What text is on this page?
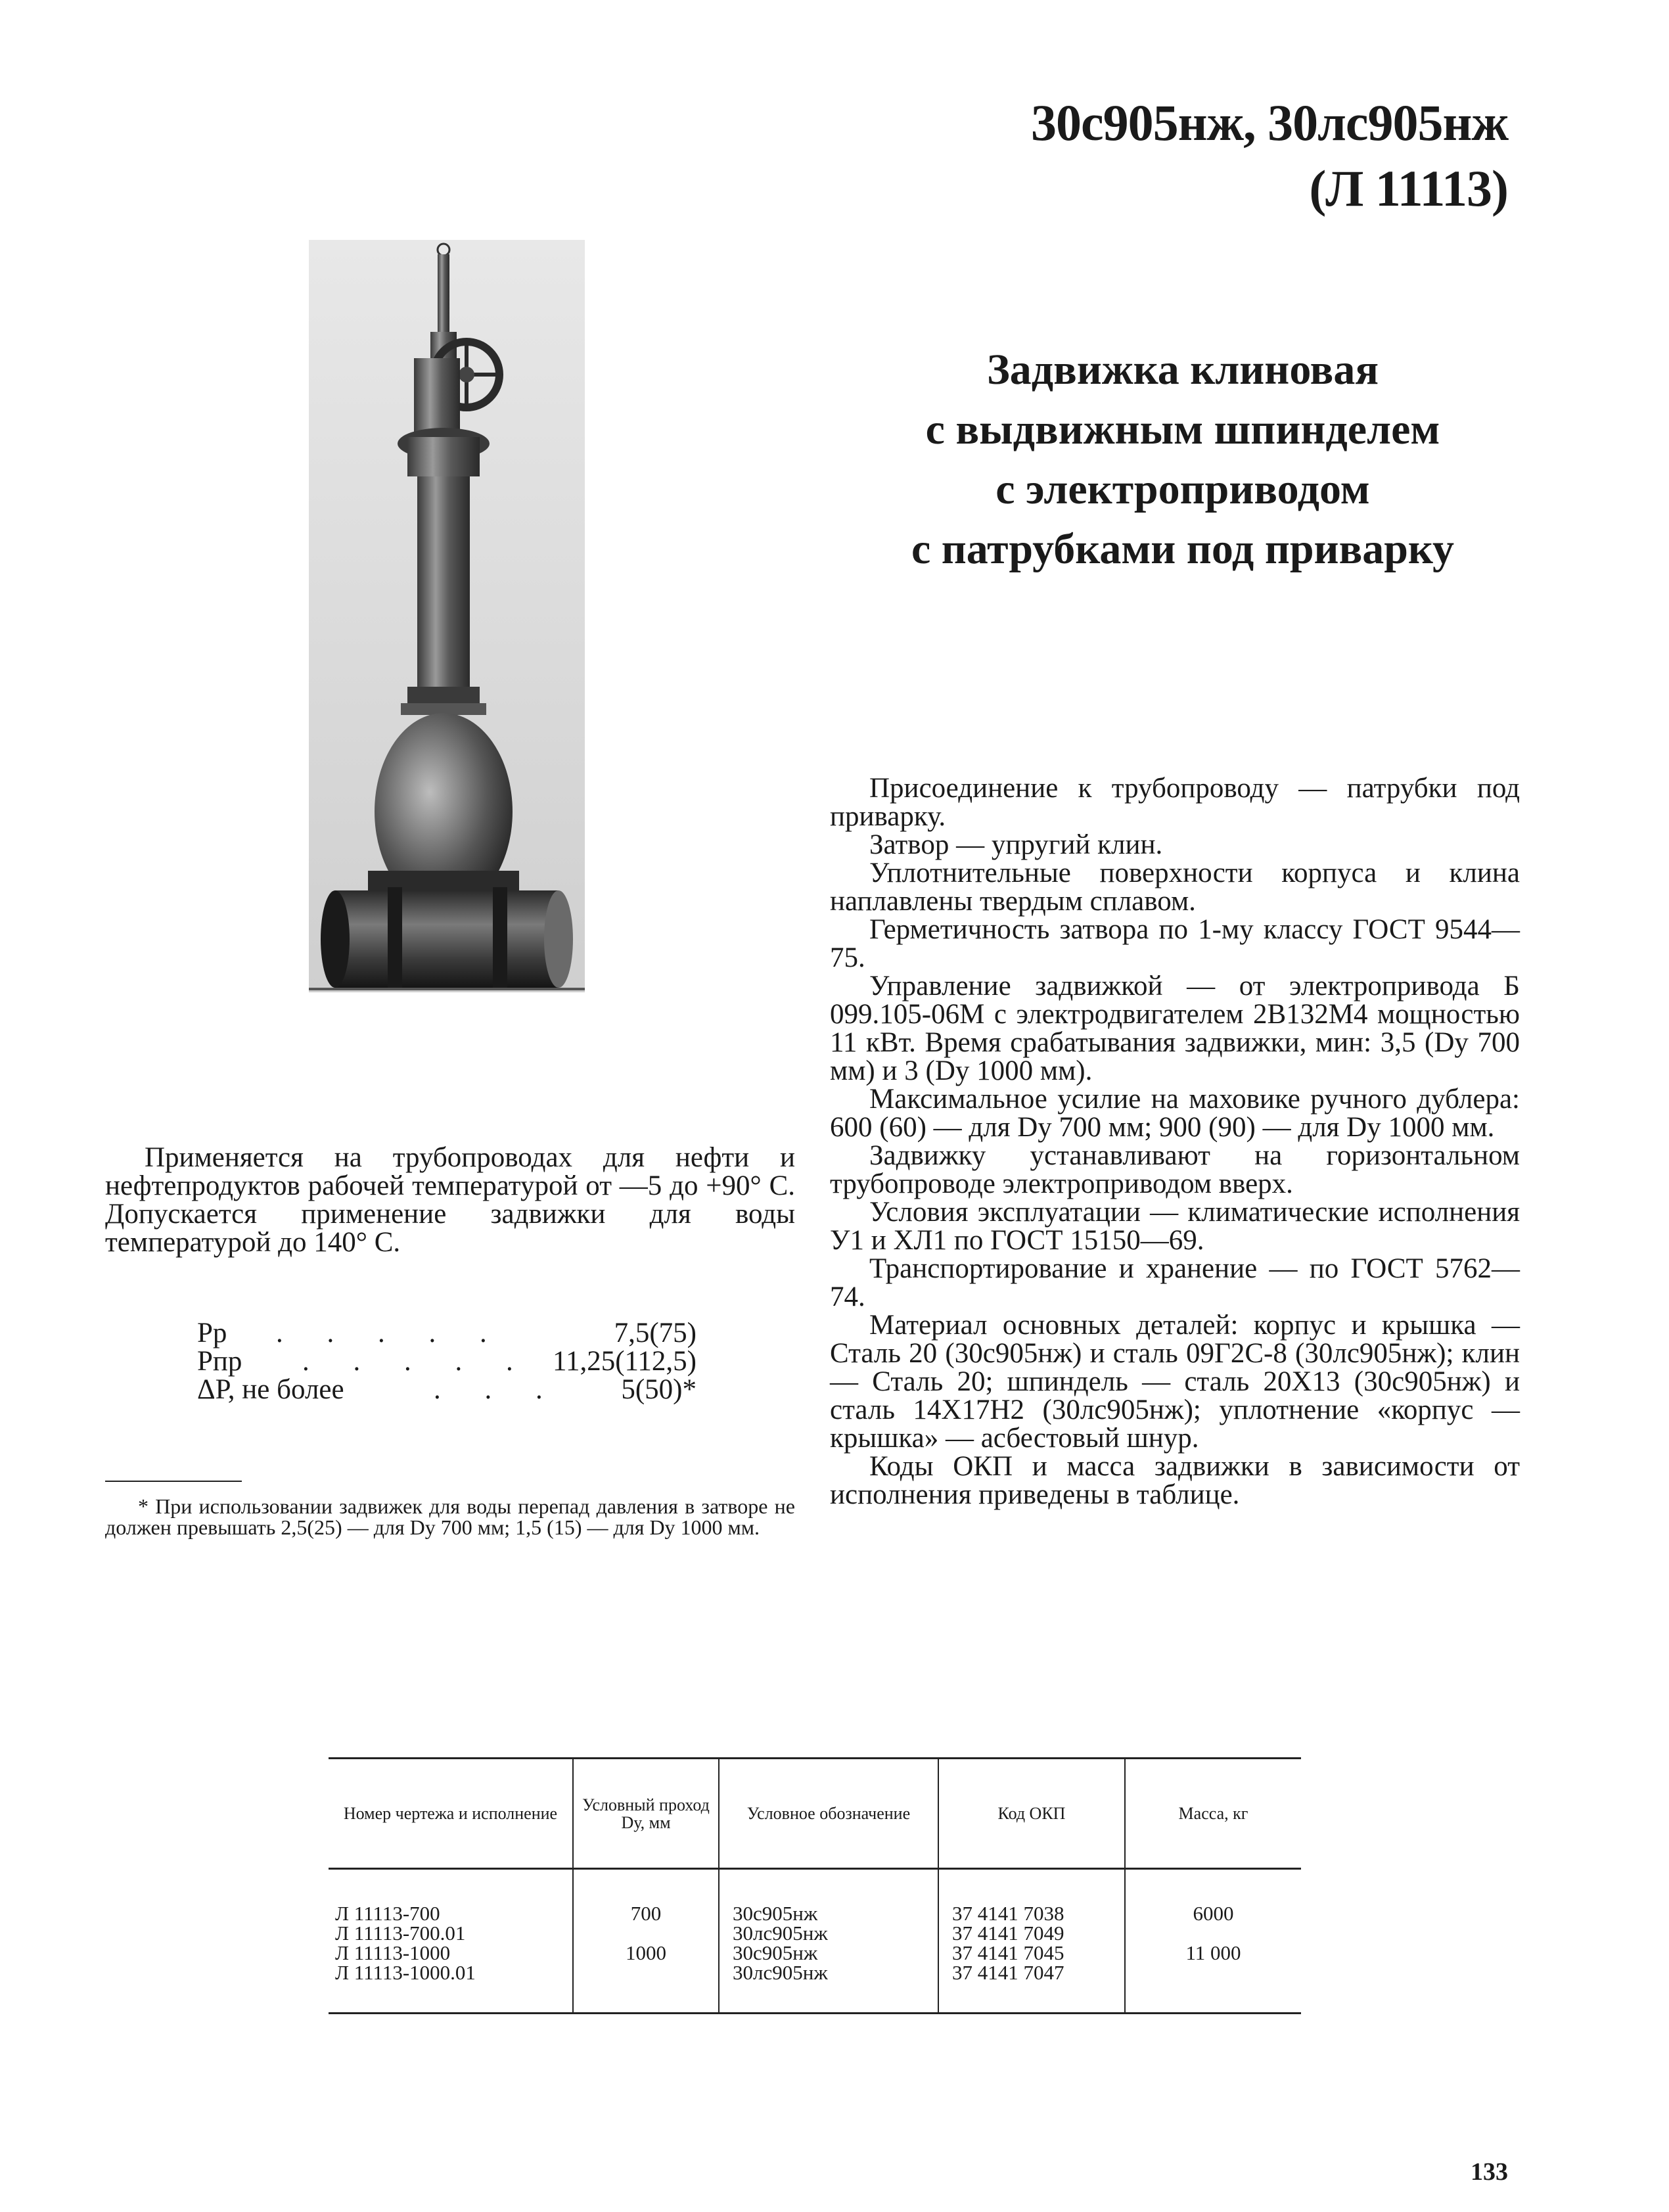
30с905нж, 30лс905нж
(Л 11113)
Задвижка клиновая
с выдвижным шпинделем
с электроприводом
с патрубками под приварку
Применяется на трубопроводах для нефти и нефтепродуктов рабочей температурой от —5 до +90° С. Допускается применение задвижки для воды температурой до 140° С.
Pр . . . . .	7,5(75)
Pпр . . . . . 11,25(112,5)
ΔP, не более	. . . 5(50)*
* При использовании задвижек для воды перепад давления в затворе не должен превышать 2,5(25) — для Dу 700 мм; 1,5 (15) — для Dу 1000 мм.

Присоединение к трубопроводу — патрубки под приварку.

Затвор — упругий клин.

Уплотнительные поверхности корпуса и клина наплавлены твердым сплавом.

Герметичность затвора по 1-му классу ГОСТ 9544—75.

Управление задвижкой — от электропривода Б 099.105-06М с электродвигателем 2В132М4 мощностью 11 кВт. Время срабатывания задвижки, мин: 3,5 (Dу 700 мм) и 3 (Dу 1000 мм).

Максимальное усилие на маховике ручного дублера: 600 (60) — для Dу 700 мм; 900 (90) — для Dу 1000 мм.

Задвижку устанавливают на горизонтальном трубопроводе электроприводом вверх.

Условия эксплуатации — климатические исполнения У1 и ХЛ1 по ГОСТ 15150—69.

Транспортирование и хранение — по ГОСТ 5762—74.

Материал основных деталей: корпус и крышка — Сталь 20 (30с905нж) и сталь 09Г2С-8 (30лс905нж); клин — Сталь 20; шпиндель — сталь 20Х13 (30с905нж) и сталь 14Х17Н2 (30лс905нж); уплотнение «корпус — крышка» — асбестовый шнур.

Коды ОКП и масса задвижки в зависимости от исполнения приведены в таблице.

Номер чертежа и исполнение	Условный проход Dу, мм	Условное обозначение	Код ОКП	Масса, кг
Л 11113-700	700	30с905нж	37 4141 7038	6000
Л 11113-700.01		30лс905нж	37 4141 7049	
Л 11113-1000	1000	30с905нж	37 4141 7045	11 000
Л 11113-1000.01		30лс905нж	37 4141 7047	
133
